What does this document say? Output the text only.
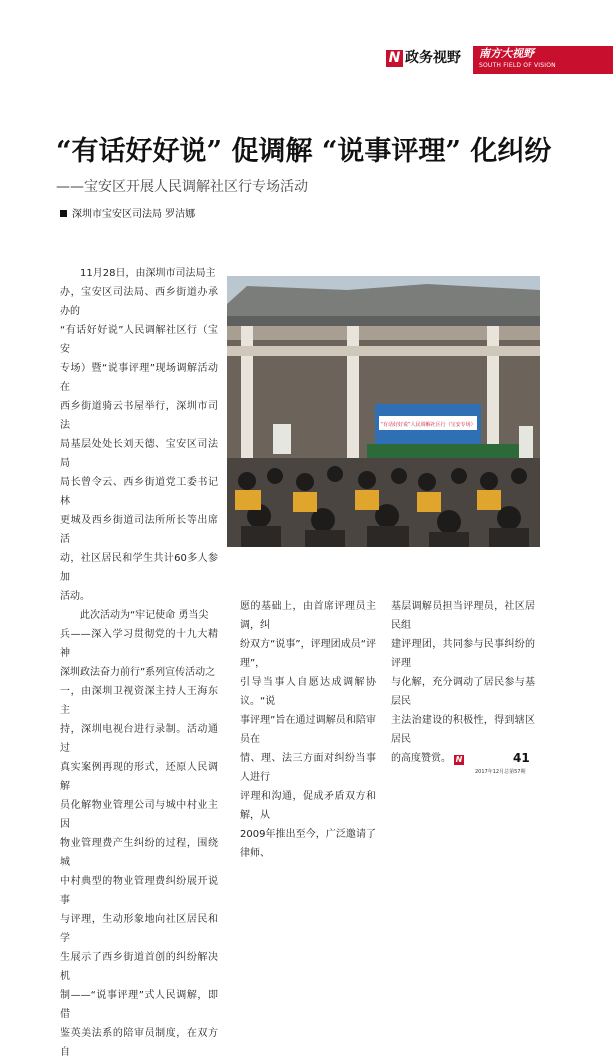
N 政务视野 南方大视野
SOUTH FIELD OF VISION
“有话好好说” 促调解 “说事评理” 化纠纷
——宝安区开展人民调解社区行专场活动
深圳市宝安区司法局 罗洁娜
11月28日，由深圳市司法局主
办，宝安区司法局、西乡街道办承办的
“有话好好说”人民调解社区行（宝安
专场）暨“说事评理”现场调解活动在
西乡街道骑云书屋举行，深圳市司法
局基层处处长刘天德、宝安区司法局
局长曾令云、西乡街道党工委书记林
更城及西乡街道司法所所长等出席活
动，社区居民和学生共计60多人参加
活动。
此次活动为“牢记使命 勇当尖
兵——深入学习贯彻党的十九大精神
深圳政法奋力前行”系列宣传活动之
一，由深圳卫视资深主持人王海东主
持，深圳电视台进行录制。活动通过
真实案例再现的形式，还原人民调解
员化解物业管理公司与城中村业主因
物业管理费产生纠纷的过程，围绕城
中村典型的物业管理费纠纷展开说事
与评理，生动形象地向社区居民和学
生展示了西乡街道首创的纠纷解决机
制——“说事评理”式人民调解，即借
鉴英美法系的陪审员制度，在双方自
“有话好好说”人民调解社区行（宝安专场）
愿的基础上，由首席评理员主调，纠
纷双方“说事”，评理团成员“评理”，
引导当事人自愿达成调解协议。“说
事评理”旨在通过调解员和陪审员在
情、理、法三方面对纠纷当事人进行
评理和沟通，促成矛盾双方和解，从
2009年推出至今，广泛邀请了律师、
基层调解员担当评理员，社区居民组
建评理团，共同参与民事纠纷的评理
与化解，充分调动了居民参与基层民
主法治建设的积极性，得到辖区居民
的高度赞赏。 N	41
2017年12月总第57期
